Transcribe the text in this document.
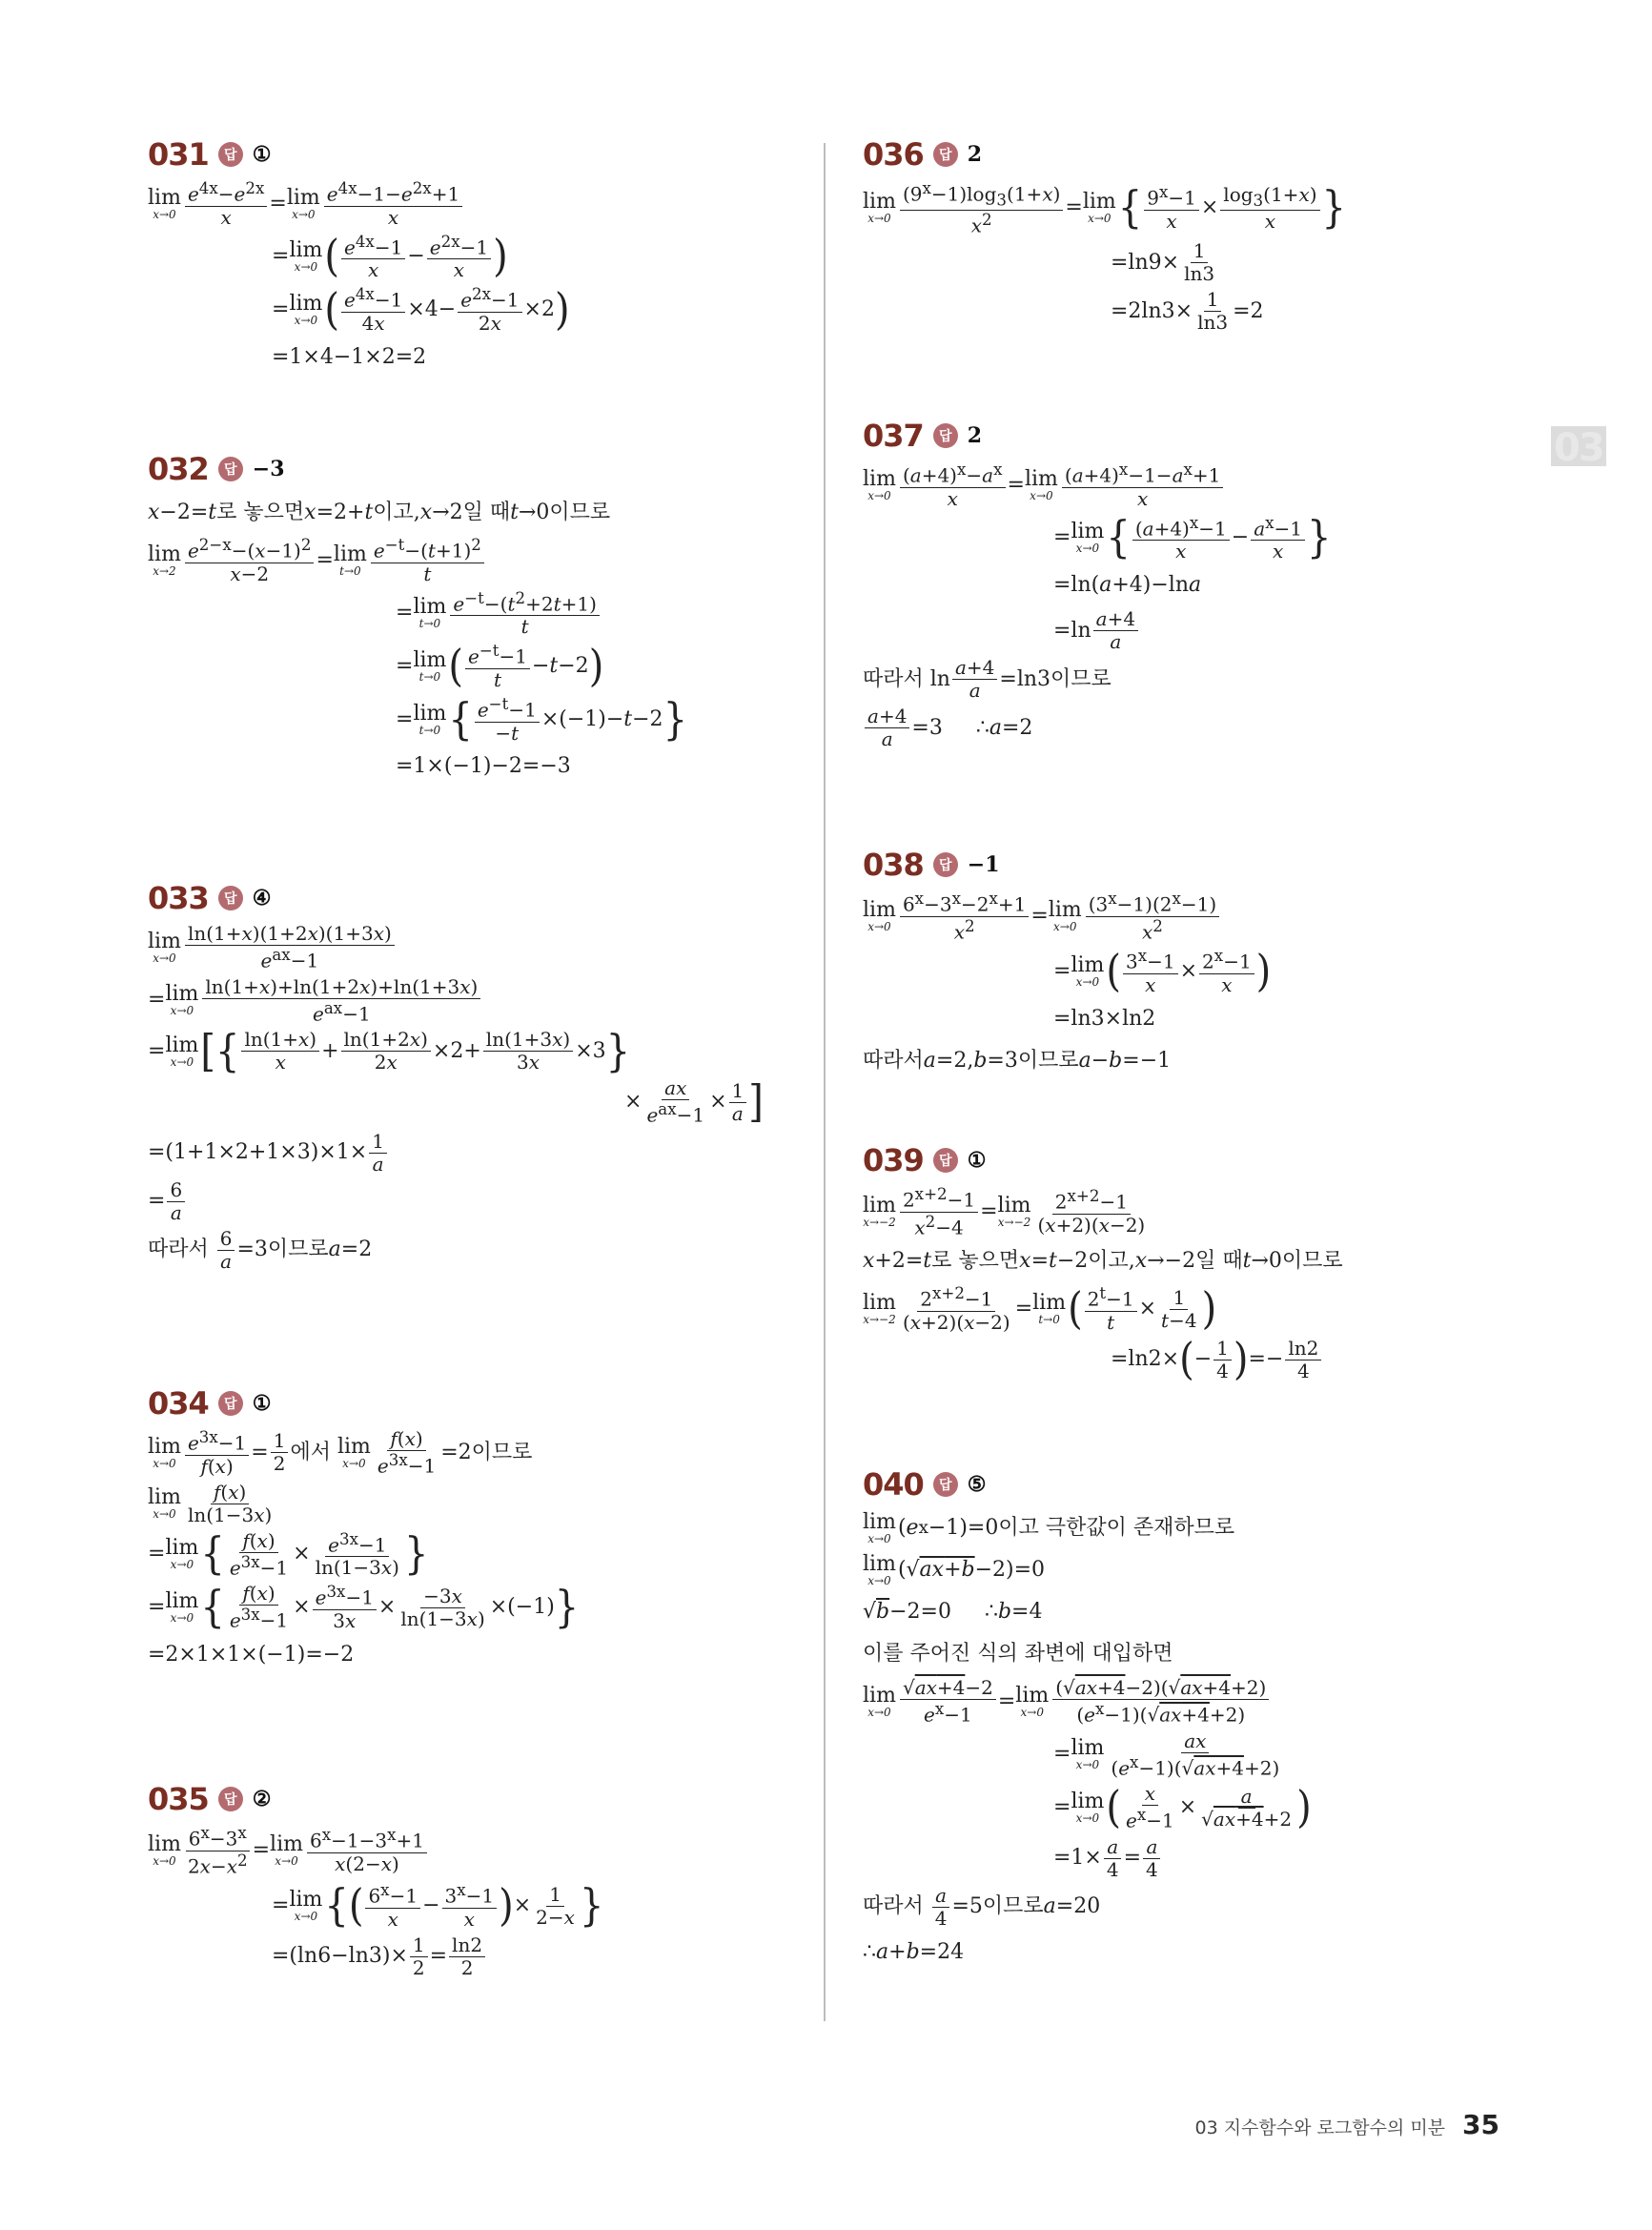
03
031	답 ①
lim
$x\to 0 \frac{e^{4x}-e^{2x}}{x} = \lim$
$x\to 0 \frac{e^{4x}-1-e^{2x}+1}{x}$
= lim
x→0 ( $\frac{e^{4x}-1}{x} - \frac{e^{2x}-1}{x}$ )
= lim
x→0 ( $\frac{e^{4x}-1}{4x} \times 4- \frac{e^{2x}-1}{2x} \times 2$ )
=1×4−1×2=2
032	답 −3
x −2= t 로 놓으면 x =2+ t 이고, x →2일 때 t →0이므로
lim
$x\to 2 \frac{e^{2-x}-(x-1)^2}{x-2} = \lim$
$t\to 0 \frac{e^{-t}-(t+1)^2}{t}$
= lim
$t\to 0 \frac{e^{-t}-(t^2+2t+1)}{t}$
= lim
t→0 ( $\frac{e^{-t}-1}{t} - t -2$ )
= lim
t→0 { $\frac{e^{-t}-1}{-t} \times(-1)- t -2$ }
=1×(−1)−2=−3
033	답 ④
lim
$x\to 0 \frac{\ln(1+x)(1+2x)(1+3x)}{e^{ax}-1}$
= lim
$x\to 0 \frac{\ln(1+x)+\ln(1+2x)+\ln(1+3x)}{e^{ax}-1}$
= lim
x→0 [{ $\frac{\ln(1+x)}{x} + \frac{\ln(1+2x)}{2x} \times 2+ \frac{\ln(1+3x)}{3x} \times 3$ }
× $\frac{ax}{e^{ax}-1} \times \frac{1}{a}$ ]
$=(1+1\times 2+1\times 3)\times 1\times \frac{1}{a}$
= $\frac{6}{a}$
따라서 $\frac{6}{a} =3$이므로 a =2
034	답 ①
lim
$x\to 0 \frac{e^{3x}-1}{f(x)} = \frac{1}{2}$ 에서 lim
$x\to 0 \frac{f(x)}{e^{3x}-1} =2$이므로
lim
$x\to 0 \frac{f(x)}{\ln(1-3x)}$
= lim
x→0 { $\frac{f(x)}{e^{3x}-1} \times \frac{e^{3x}-1}{\ln(1-3x)}$ }
= lim
x→0 { $\frac{f(x)}{e^{3x}-1} \times \frac{e^{3x}-1}{3x} \times \frac{-3x}{\ln(1-3x)} \times(-1)$ }
=2×1×1×(−1)=−2
035	답 ②
lim
$x\to 0 \frac{6^x-3^x}{2x-x^2} = \lim$
$x\to 0 \frac{6^x-1-3^x+1}{x(2-x)}$
= lim
x→0 {( $\frac{6^x-1}{x} - \frac{3^x-1}{x}$ ) × $\frac{1}{2-x}$ }
$=(\ln 6-\ln 3)\times \frac{1}{2} = \frac{\ln 2}{2}$
036	답 2
lim
$x\to 0 \frac{(9^x-1)\log_3(1+x)}{x^2} = \lim$
x→0 { $\frac{9^x-1}{x} \times \frac{\log_3(1+x)}{x}$ }
$=\ln 9\times \frac{1}{\ln 3}$
$=2\ln 3\times \frac{1}{\ln 3} =2$
037	답 2
lim
$x\to 0 \frac{(a+4)^x-a^x}{x} = \lim$
$x\to 0 \frac{(a+4)^x-1-a^x+1}{x}$
= lim
x→0 { $\frac{(a+4)^x-1}{x} - \frac{a^x-1}{x}$ }
=ln( a +4)−ln a
$=\ln \frac{a+4}{a}$
따라서 $\ln \frac{a+4}{a} =\ln 3$이므로
$\frac{a+4}{a} =3$     ∴ a =2
038	답 −1
lim
$x\to 0 \frac{6^x-3^x-2^x+1}{x^2} = \lim$
$x\to 0 \frac{(3^x-1)(2^x-1)}{x^2}$
= lim
x→0 ( $\frac{3^x-1}{x} \times \frac{2^x-1}{x}$ )
=ln3×ln2
따라서 a =2, b =3이므로 a − b =−1
039	답 ①
lim
$x\to-2 \frac{2^{x+2}-1}{x^2-4} = \lim$
$x\to-2 \frac{2^{x+2}-1}{(x+2)(x-2)}$
x +2= t 로 놓으면 x = t −2이고, x →−2일 때 t →0이므로
lim
$x\to-2 \frac{2^{x+2}-1}{(x+2)(x-2)} = \lim$
t→0 ( $\frac{2^t-1}{t} \times \frac{1}{t-4}$ )
=ln2× ( − $\frac{1}{4}$ ) =− $\frac{\ln 2}{4}$
040	답 ⑤
lim
x→0 ( e x −1)=0이고 극한값이 존재하므로
lim
x→0 (√ ax+b −2)=0
√ b −2=0     ∴ b =4
이를 주어진 식의 좌변에 대입하면
lim
$x\to 0 \frac{√ax+4-2}{e^x-1} = \lim$
$x\to 0 \frac{(√ax+4-2)(√ax+4+2)}{(e^x-1)(√ax+4+2)}$
= lim
$x\to 0 \frac{ax}{(e^x-1)(√ax+4+2)}$
= lim
x→0 ( $\frac{x}{e^x-1} \times \frac{a}{√ax+4+2}$ )
$=1\times \frac{a}{4} = \frac{a}{4}$
따라서 $\frac{a}{4} =5$이므로 a =20
∴ a + b =24
03 지수함수와 로그함수의 미분 35
